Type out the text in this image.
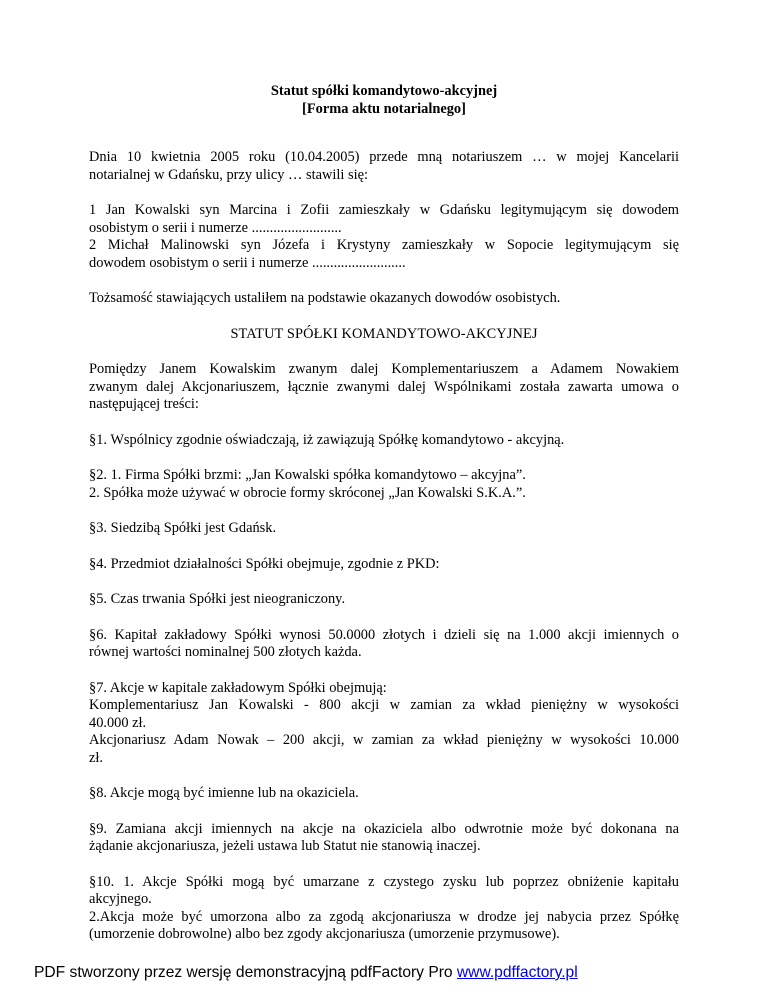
Statut spółki komandytowo-akcyjnej
[Forma aktu notarialnego]

Dnia 10 kwietnia 2005 roku (10.04.2005) przede mną notariuszem … w mojej Kancelarii
notarialnej w Gdańsku, przy ulicy … stawili się:

1 Jan Kowalski syn Marcina i Zofii zamieszkały w Gdańsku legitymującym się dowodem
osobistym o serii i numerze .........................
2 Michał Malinowski syn Józefa i Krystyny zamieszkały w Sopocie legitymującym się
dowodem osobistym o serii i numerze ..........................

Tożsamość stawiających ustaliłem na podstawie okazanych dowodów osobistych.

STATUT SPÓŁKI KOMANDYTOWO-AKCYJNEJ

Pomiędzy Janem Kowalskim zwanym dalej Komplementariuszem a Adamem Nowakiem
zwanym dalej Akcjonariuszem, łącznie zwanymi dalej Wspólnikami została zawarta umowa o
następującej treści:

§1. Wspólnicy zgodnie oświadczają, iż zawiązują Spółkę komandytowo - akcyjną.

§2. 1. Firma Spółki brzmi: „Jan Kowalski spółka komandytowo – akcyjna”.
2. Spółka może używać w obrocie formy skróconej „Jan Kowalski S.K.A.”.

§3. Siedzibą Spółki jest Gdańsk.

§4. Przedmiot działalności Spółki obejmuje, zgodnie z PKD:

§5. Czas trwania Spółki jest nieograniczony.

§6. Kapitał zakładowy Spółki wynosi 50.0000 złotych i dzieli się na 1.000 akcji imiennych o
równej wartości nominalnej 500 złotych każda.

§7. Akcje w kapitale zakładowym Spółki obejmują:
Komplementariusz Jan Kowalski - 800 akcji w zamian za wkład pieniężny w wysokości
40.000 zł.
Akcjonariusz Adam Nowak – 200 akcji, w zamian za wkład pieniężny w wysokości 10.000
zł.

§8. Akcje mogą być imienne lub na okaziciela.

§9. Zamiana akcji imiennych na akcje na okaziciela albo odwrotnie może być dokonana na
żądanie akcjonariusza, jeżeli ustawa lub Statut nie stanowią inaczej.

§10. 1. Akcje Spółki mogą być umarzane z czystego zysku lub poprzez obniżenie kapitału
akcyjnego.
2.Akcja może być umorzona albo za zgodą akcjonariusza w drodze jej nabycia przez Spółkę
(umorzenie dobrowolne) albo bez zgody akcjonariusza (umorzenie przymusowe).

PDF stworzony przez wersję demonstracyjną pdfFactory Pro www.pdffactory.pl
